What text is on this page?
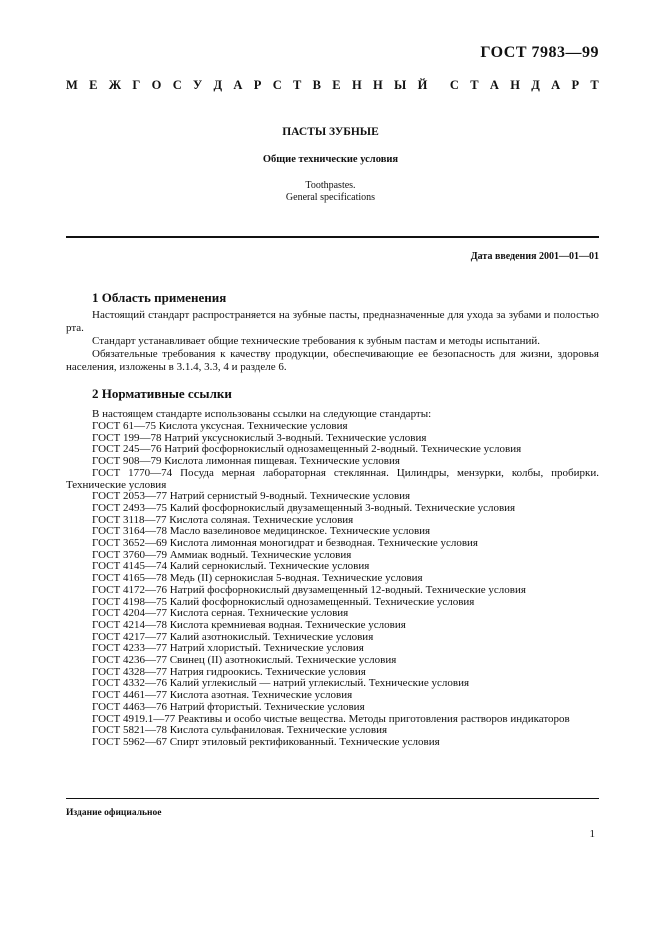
ГОСТ 7983—99
М Е Ж Г О С У Д А Р С Т В Е Н Н Ы Й С Т А Н Д А Р Т
ПАСТЫ ЗУБНЫЕ
Общие технические условия
Toothpastes.
General specifications
Дата введения 2001—01—01
1 Область применения
Настоящий стандарт распространяется на зубные пасты, предназначенные для ухода за зубами и полостью рта.
Стандарт устанавливает общие технические требования к зубным пастам и методы испытаний.
Обязательные требования к качеству продукции, обеспечивающие ее безопасность для жизни, здоровья населения, изложены в 3.1.4, 3.3, 4 и разделе 6.
2 Нормативные ссылки
В настоящем стандарте использованы ссылки на следующие стандарты:
ГОСТ 61—75 Кислота уксусная. Технические условия
ГОСТ 199—78 Натрий уксуснокислый 3-водный. Технические условия
ГОСТ 245—76 Натрий фосфорнокислый однозамещенный 2-водный. Технические условия
ГОСТ 908—79 Кислота лимонная пищевая. Технические условия
ГОСТ 1770—74 Посуда мерная лабораторная стеклянная. Цилиндры, мензурки, колбы, пробирки. Технические условия
ГОСТ 2053—77 Натрий сернистый 9-водный. Технические условия
ГОСТ 2493—75 Калий фосфорнокислый двузамещенный 3-водный. Технические условия
ГОСТ 3118—77 Кислота соляная. Технические условия
ГОСТ 3164—78 Масло вазелиновое медицинское. Технические условия
ГОСТ 3652—69 Кислота лимонная моногидрат и безводная. Технические условия
ГОСТ 3760—79 Аммиак водный. Технические условия
ГОСТ 4145—74 Калий сернокислый. Технические условия
ГОСТ 4165—78 Медь (II) сернокислая 5-водная. Технические условия
ГОСТ 4172—76 Натрий фосфорнокислый двузамещенный 12-водный. Технические условия
ГОСТ 4198—75 Калий фосфорнокислый однозамещенный. Технические условия
ГОСТ 4204—77 Кислота серная. Технические условия
ГОСТ 4214—78 Кислота кремниевая водная. Технические условия
ГОСТ 4217—77 Калий азотнокислый. Технические условия
ГОСТ 4233—77 Натрий хлористый. Технические условия
ГОСТ 4236—77 Свинец (II) азотнокислый. Технические условия
ГОСТ 4328—77 Натрия гидроокись. Технические условия
ГОСТ 4332—76 Калий углекислый — натрий углекислый. Технические условия
ГОСТ 4461—77 Кислота азотная. Технические условия
ГОСТ 4463—76 Натрий фтористый. Технические условия
ГОСТ 4919.1—77 Реактивы и особо чистые вещества. Методы приготовления растворов индикаторов
ГОСТ 5821—78 Кислота сульфаниловая. Технические условия
ГОСТ 5962—67 Спирт этиловый ректификованный. Технические условия
Издание официальное
1
